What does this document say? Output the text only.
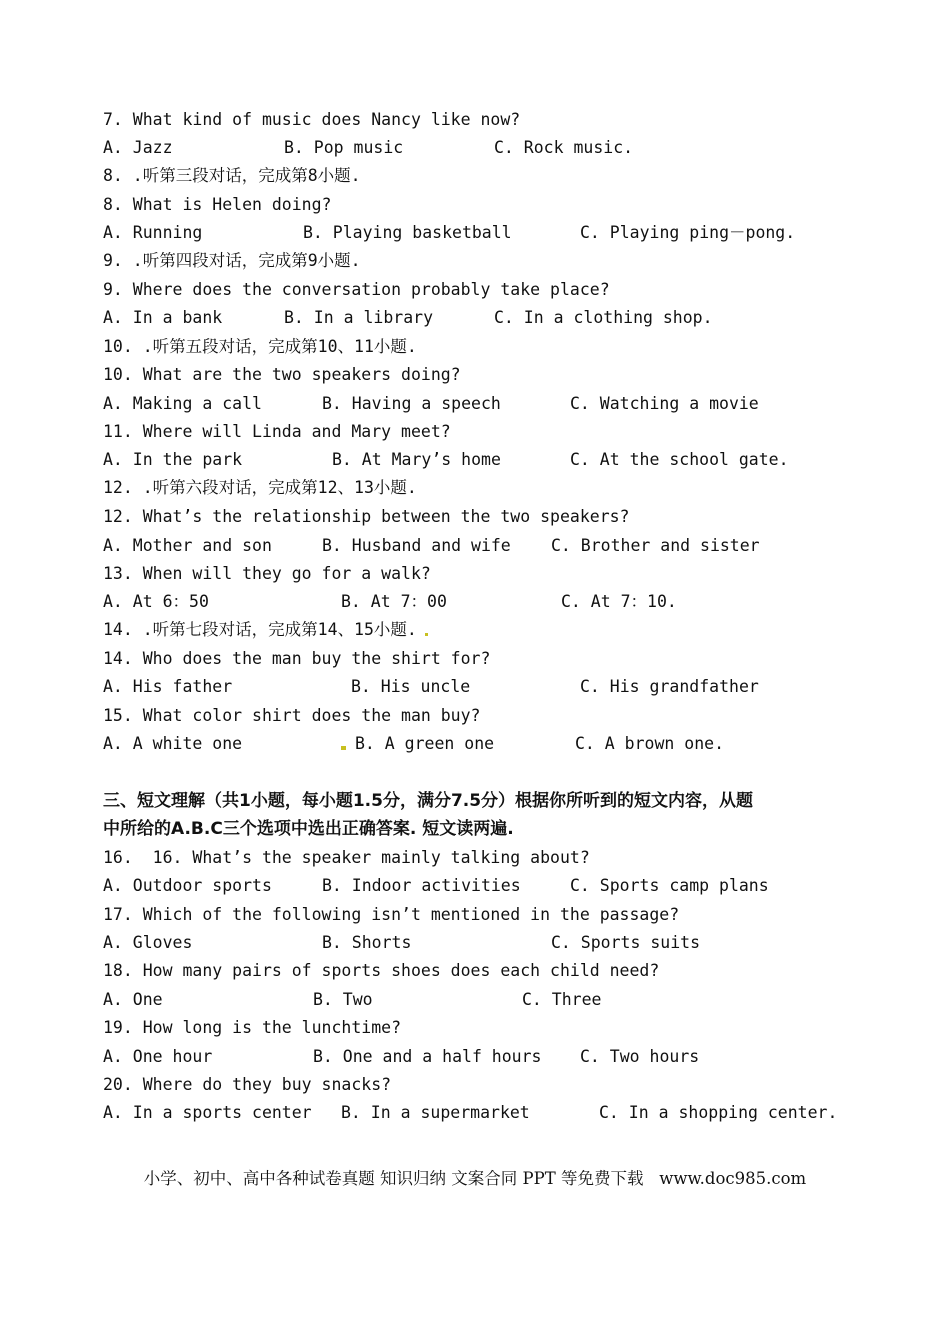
7. What kind of music does Nancy like now?

A. Jazz

	B. Pop music

	C. Rock music.

8. .听第三段对话，完成第8小题.
8. What is Helen doing?

A. Running

	B. Playing basketball

	C. Playing ping－pong.

9. .听第四段对话，完成第9小题.
9. Where does the conversation probably take place?

A. In a bank

	B. In a library

	C. In a clothing shop.

10. .听第五段对话，完成第10、11小题.
10. What are the two speakers doing?

A. Making a call

	B. Having a speech

	C. Watching a movie

11. Where will Linda and Mary meet?

A. In the park

	B. At Mary’s home

	C. At the school gate.

12. .听第六段对话，完成第12、13小题.
12. What’s the relationship between the two speakers?

A. Mother and son

	B. Husband and wife

C. Brother and sister

13. When will they go for a walk?

A. At 6：50

	B. At 7：00

	C. At 7：10.

14. .听第七段对话，完成第14、15小题.
14. Who does the man buy the shirt for?

A. His father

	B. His uncle

	C. His grandfather

15. What color shirt does the man buy?

A. A white one

	B. A green one

	C. A brown one.

三、短文理解（共1小题，每小题1.5分，满分7.5分）根据你所听到的短文内容，从题
中所给的A.B.C三个选项中选出正确答案. 短文读两遍.
16.  16. What’s the speaker mainly talking about?

A. Outdoor sports

	B. Indoor activities

	C. Sports camp plans

17. Which of the following isn’t mentioned in the passage?

A. Gloves

	B. Shorts

	C. Sports suits

18. How many pairs of sports shoes does each child need?

A. One

	B. Two

	C. Three

19. How long is the lunchtime?

A. One hour

	B. One and a half hours

C. Two hours

20. Where do they buy snacks?

A. In a sports center

B. In a supermarket

	C. In a shopping center.

小学、初中、高中各种试卷真题 知识归纳 文案合同 PPT 等免费下载   www.doc985.com
